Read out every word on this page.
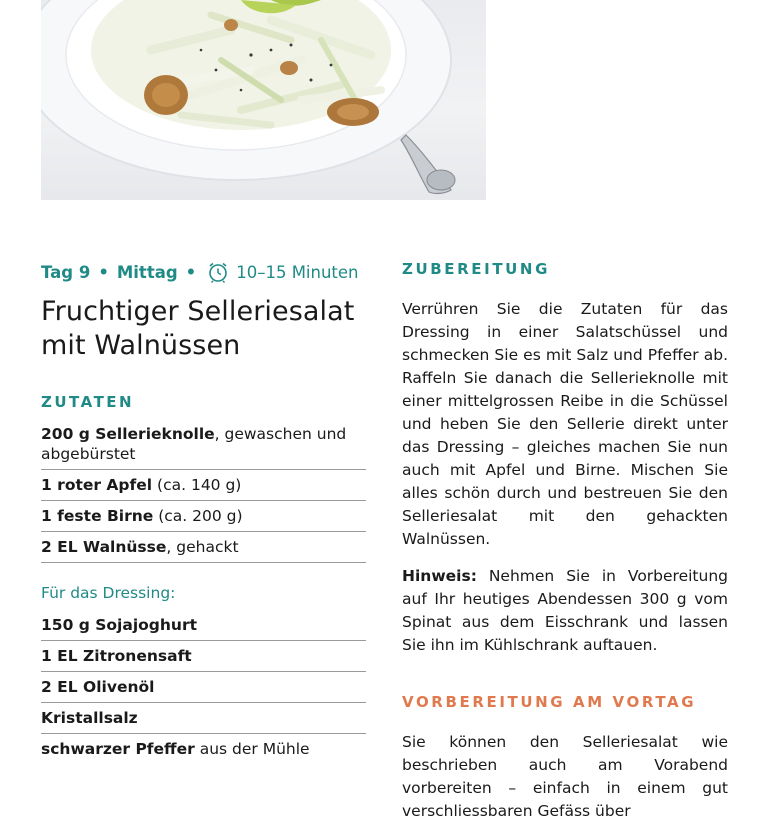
Tag 9 • Mittag • 10–15 Minuten
Fruchtiger Selleriesalat
mit Walnüssen
ZUTATEN
200 g Sellerieknolle, gewaschen und abgebürstet
1 roter Apfel (ca. 140 g)
1 feste Birne (ca. 200 g)
2 EL Walnüsse, gehackt
Für das Dressing:
150 g Sojajoghurt
1 EL Zitronensaft
2 EL Olivenöl
Kristallsalz
schwarzer Pfeffer aus der Mühle
ZUBEREITUNG

Verrühren Sie die Zutaten für das Dressing in einer Salatschüssel und schmecken Sie es mit Salz und Pfeffer ab. Raffeln Sie danach die Sellerieknolle mit einer mittelgrossen Reibe in die Schüssel und heben Sie den Sellerie direkt unter das Dressing – gleiches machen Sie nun auch mit Apfel und Birne. Mischen Sie alles schön durch und bestreuen Sie den Selleriesalat mit den gehackten Walnüssen.

Hinweis: Nehmen Sie in Vorbereitung auf Ihr heutiges Abendessen 300 g vom Spinat aus dem Eisschrank und lassen Sie ihn im Kühlschrank auftauen.

VORBEREITUNG AM VORTAG

Sie können den Selleriesalat wie beschrieben auch am Vorabend vorbereiten – einfach in einem gut verschliessbaren Gefäss über
